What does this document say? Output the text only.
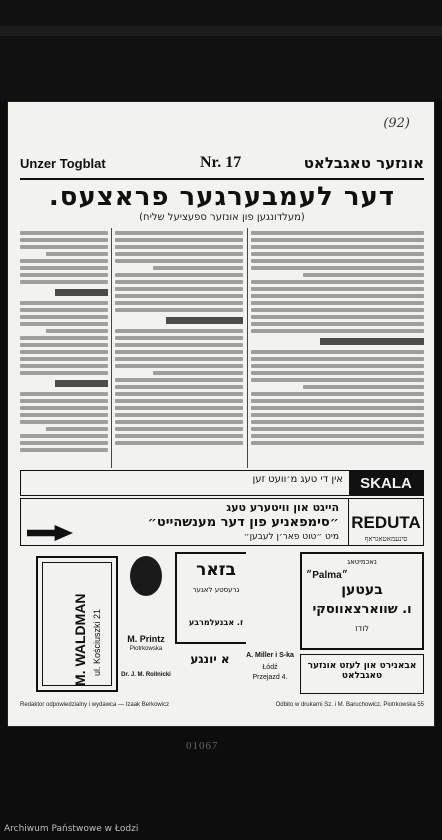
(92)
Unzer Togblat	Nr. 17	אונזער טאגבלאט
דער לעמבערגער פראצעס.
(מעלדונגען פון אונזער ספעציעל שליח)
אין די טעג מ׳וועט זען	SKALA
הייגט און וויטערע טעג
״סימפאניע פון דער מענשהייט״
מיט ״טוט פאר׳ן לעבען״
REDUTA
סינעמאטאגראף
M. WALDMAN ul. Kościuszki 21	M. Printz
Piotrkowska
Dr. J. M. Rollnicki
בזאר
גרעסטע לאגער
ז. אבנעלמרבע
A. Miller i S-ka
Łódź
Przejazd 4.
נאכמיטאג
״Palma״
בעטען
ו. שווארצאווסקי
לודז
אבאנירט און לעזט אונזער טאגבלאט
א יונגע
Redaktor odpowiedzialny i wydawca — Izaak Berkowicz	Odbito w drukarni Sz. i M. Baruchowicz, Piotrkowska 55
01067
Archiwum Państwowe w Łodzi
